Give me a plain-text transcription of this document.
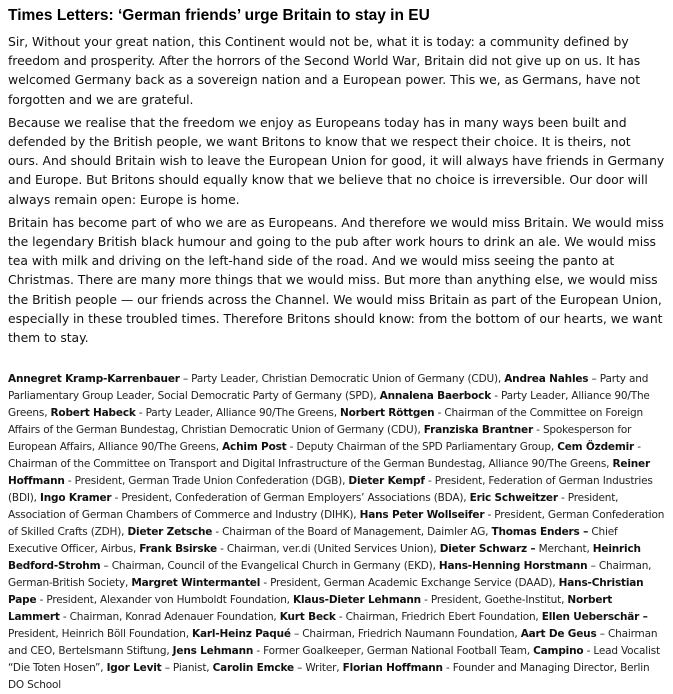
Times Letters: ‘German friends’ urge Britain to stay in EU

Sir, Without your great nation, this Continent would not be, what it is today: a community defined by freedom and prosperity. After the horrors of the Second World War, Britain did not give up on us. It has welcomed Germany back as a sovereign nation and a European power. This we, as Germans, have not forgotten and we are grateful.

Because we realise that the freedom we enjoy as Europeans today has in many ways been built and defended by the British people, we want Britons to know that we respect their choice. It is theirs, not ours. And should Britain wish to leave the European Union for good, it will always have friends in Germany and Europe. But Britons should equally know that we believe that no choice is irreversible. Our door will always remain open: Europe is home.

Britain has become part of who we are as Europeans. And therefore we would miss Britain. We would miss the legendary British black humour and going to the pub after work hours to drink an ale. We would miss tea with milk and driving on the left-hand side of the road. And we would miss seeing the panto at Christmas. There are many more things that we would miss. But more than anything else, we would miss the British people — our friends across the Channel. We would miss Britain as part of the European Union, especially in these troubled times. Therefore Britons should know: from the bottom of our hearts, we want them to stay.

Annegret Kramp-Karrenbauer – Party Leader, Christian Democratic Union of Germany (CDU), Andrea Nahles – Party and Parliamentary Group Leader, Social Democratic Party of Germany (SPD), Annalena Baerbock - Party Leader, Alliance 90/The Greens, Robert Habeck - Party Leader, Alliance 90/The Greens, Norbert Röttgen - Chairman of the Committee on Foreign Affairs of the German Bundestag, Christian Democratic Union of Germany (CDU), Franziska Brantner - Spokesperson for European Affairs, Alliance 90/The Greens, Achim Post - Deputy Chairman of the SPD Parliamentary Group, Cem Özdemir - Chairman of the Committee on Transport and Digital Infrastructure of the German Bundestag, Alliance 90/The Greens, Reiner Hoffmann - President, German Trade Union Confederation (DGB), Dieter Kempf - President, Federation of German Industries (BDI), Ingo Kramer - President, Confederation of German Employers’ Associations (BDA), Eric Schweitzer - President, Association of German Chambers of Commerce and Industry (DIHK), Hans Peter Wollseifer - President, German Confederation of Skilled Crafts (ZDH), Dieter Zetsche - Chairman of the Board of Management, Daimler AG, Thomas Enders – Chief Executive Officer, Airbus, Frank Bsirske - Chairman, ver.di (United Services Union), Dieter Schwarz – Merchant, Heinrich Bedford-Strohm – Chairman, Council of the Evangelical Church in Germany (EKD), Hans-Henning Horstmann – Chairman, German-British Society, Margret Wintermantel - President, German Academic Exchange Service (DAAD), Hans-Christian Pape - President, Alexander von Humboldt Foundation, Klaus-Dieter Lehmann - President, Goethe-Institut, Norbert Lammert - Chairman, Konrad Adenauer Foundation, Kurt Beck - Chairman, Friedrich Ebert Foundation, Ellen Ueberschär – President, Heinrich Böll Foundation, Karl-Heinz Paqué – Chairman, Friedrich Naumann Foundation, Aart De Geus – Chairman and CEO, Bertelsmann Stiftung, Jens Lehmann - Former Goalkeeper, German National Football Team, Campino - Lead Vocalist “Die Toten Hosen”, Igor Levit – Pianist, Carolin Emcke – Writer, Florian Hoffmann - Founder and Managing Director, Berlin DO School
